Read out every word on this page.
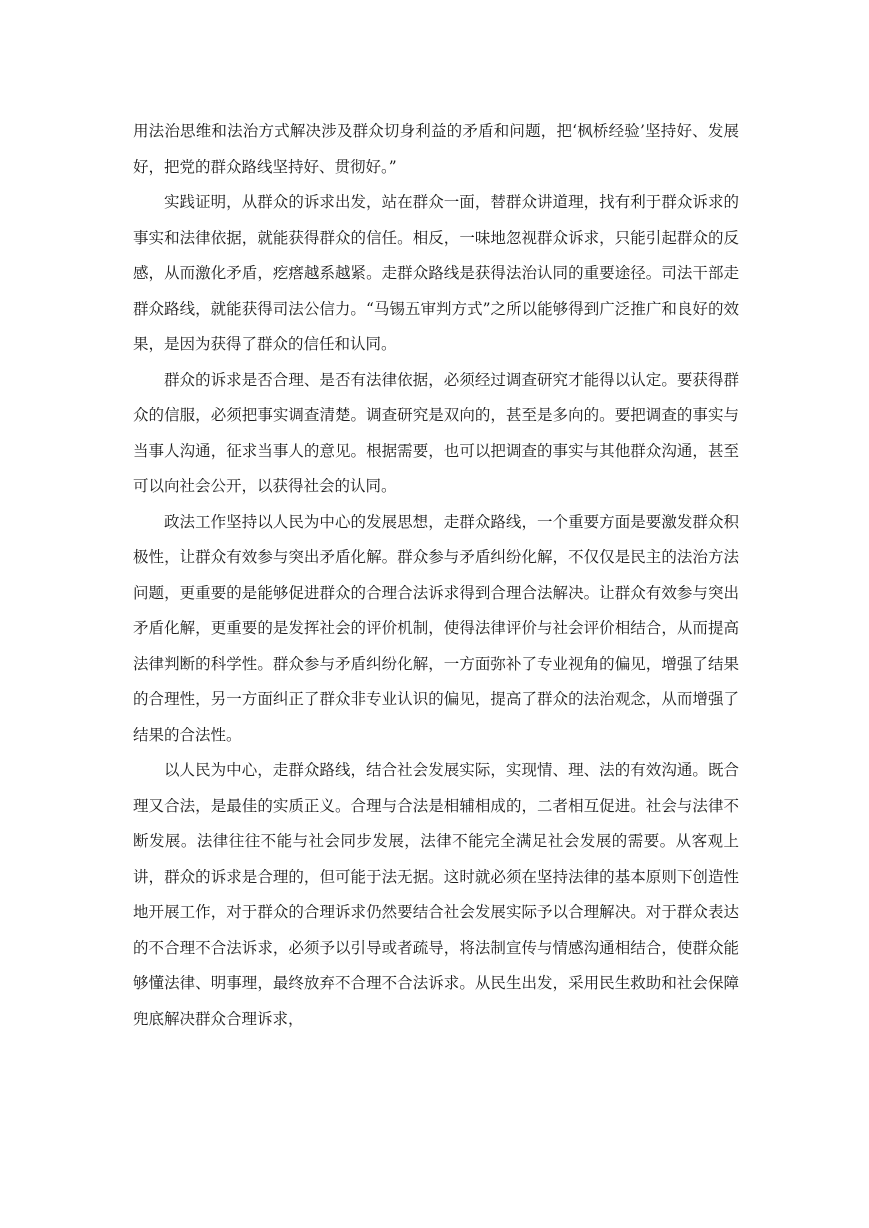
用法治思维和法治方式解决涉及群众切身利益的矛盾和问题，把‘枫桥经验’坚持好、发展好，把党的群众路线坚持好、贯彻好。”

实践证明，从群众的诉求出发，站在群众一面，替群众讲道理，找有利于群众诉求的事实和法律依据，就能获得群众的信任。相反，一味地忽视群众诉求，只能引起群众的反感，从而激化矛盾，疙瘩越系越紧。走群众路线是获得法治认同的重要途径。司法干部走群众路线，就能获得司法公信力。“马锡五审判方式”之所以能够得到广泛推广和良好的效果，是因为获得了群众的信任和认同。

群众的诉求是否合理、是否有法律依据，必须经过调查研究才能得以认定。要获得群众的信服，必须把事实调查清楚。调查研究是双向的，甚至是多向的。要把调查的事实与当事人沟通，征求当事人的意见。根据需要，也可以把调查的事实与其他群众沟通，甚至可以向社会公开，以获得社会的认同。

政法工作坚持以人民为中心的发展思想，走群众路线，一个重要方面是要激发群众积极性，让群众有效参与突出矛盾化解。群众参与矛盾纠纷化解，不仅仅是民主的法治方法问题，更重要的是能够促进群众的合理合法诉求得到合理合法解决。让群众有效参与突出矛盾化解，更重要的是发挥社会的评价机制，使得法律评价与社会评价相结合，从而提高法律判断的科学性。群众参与矛盾纠纷化解，一方面弥补了专业视角的偏见，增强了结果的合理性，另一方面纠正了群众非专业认识的偏见，提高了群众的法治观念，从而增强了结果的合法性。

以人民为中心，走群众路线，结合社会发展实际，实现情、理、法的有效沟通。既合理又合法，是最佳的实质正义。合理与合法是相辅相成的，二者相互促进。社会与法律不断发展。法律往往不能与社会同步发展，法律不能完全满足社会发展的需要。从客观上讲，群众的诉求是合理的，但可能于法无据。这时就必须在坚持法律的基本原则下创造性地开展工作，对于群众的合理诉求仍然要结合社会发展实际予以合理解决。对于群众表达的不合理不合法诉求，必须予以引导或者疏导，将法制宣传与情感沟通相结合，使群众能够懂法律、明事理，最终放弃不合理不合法诉求。从民生出发，采用民生救助和社会保障兜底解决群众合理诉求，
